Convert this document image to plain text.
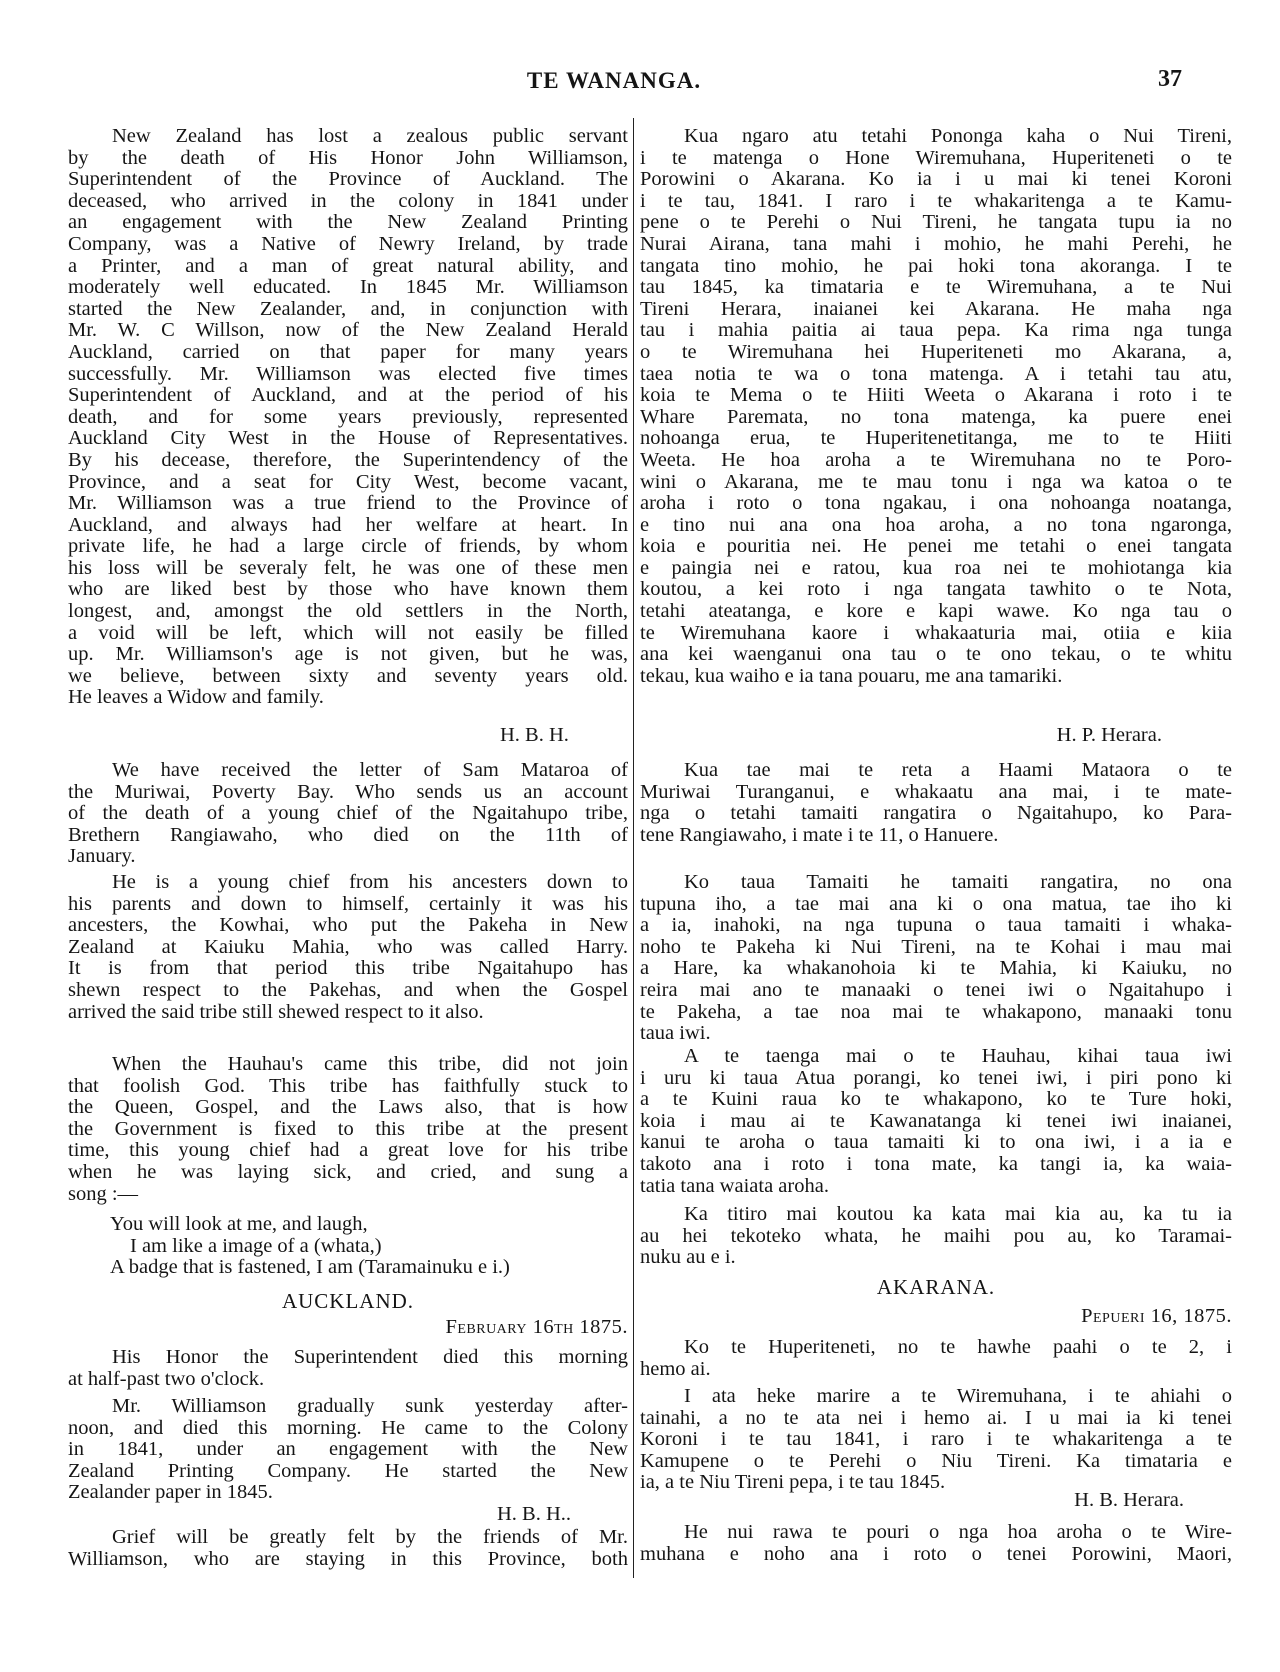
TE WANANGA.	37
New Zealand has lost a zealous public servant
by the death of His Honor John Williamson,
Superintendent of the Province of Auckland. The
deceased, who arrived in the colony in 1841 under
an engagement with the New Zealand Printing
Company, was a Native of Newry Ireland, by trade
a Printer, and a man of great natural ability, and
moderately well educated. In 1845 Mr. Williamson
started the New Zealander, and, in conjunction with
Mr. W. C Willson, now of the New Zealand Herald
Auckland, carried on that paper for many years
successfully. Mr. Williamson was elected five times
Superintendent of Auckland, and at the period of his
death, and for some years previously, represented
Auckland City West in the House of Representatives.
By his decease, therefore, the Superintendency of the
Province, and a seat for City West, become vacant,
Mr. Williamson was a true friend to the Province of
Auckland, and always had her welfare at heart. In
private life, he had a large circle of friends, by whom
his loss will be severaly felt, he was one of these men
who are liked best by those who have known them
longest, and, amongst the old settlers in the North,
a void will be left, which will not easily be filled
up. Mr. Williamson's age is not given, but he was,
we believe, between sixty and seventy years old.
He leaves a Widow and family.
H. B. H.
We have received the letter of Sam Mataroa of
the Muriwai, Poverty Bay. Who sends us an account
of the death of a young chief of the Ngaitahupo tribe,
Brethern Rangiawaho, who died on the 11th of
January.
He is a young chief from his ancesters down to
his parents and down to himself, certainly it was his
ancesters, the Kowhai, who put the Pakeha in New
Zealand at Kaiuku Mahia, who was called Harry.
It is from that period this tribe Ngaitahupo has
shewn respect to the Pakehas, and when the Gospel
arrived the said tribe still shewed respect to it also.
When the Hauhau's came this tribe, did not join
that foolish God. This tribe has faithfully stuck to
the Queen, Gospel, and the Laws also, that is how
the Government is fixed to this tribe at the present
time, this young chief had a great love for his tribe
when he was laying sick, and cried, and sung a
song :—
You will look at me, and laugh,
I am like a image of a (whata,)
A badge that is fastened, I am (Taramainuku e i.)
AUCKLAND.
February 16th 1875.
His Honor the Superintendent died this morning
at half-past two o'clock.
Mr. Williamson gradually sunk yesterday after-
noon, and died this morning. He came to the Colony
in 1841, under an engagement with the New
Zealand Printing Company. He started the New
Zealander paper in 1845.
H. B. H..
Grief will be greatly felt by the friends of Mr.
Williamson, who are staying in this Province, both
Kua ngaro atu tetahi Pononga kaha o Nui Tireni,
i te matenga o Hone Wiremuhana, Huperiteneti o te
Porowini o Akarana. Ko ia i u mai ki tenei Koroni
i te tau, 1841. I raro i te whakaritenga a te Kamu-
pene o te Perehi o Nui Tireni, he tangata tupu ia no
Nurai Airana, tana mahi i mohio, he mahi Perehi, he
tangata tino mohio, he pai hoki tona akoranga. I te
tau 1845, ka timataria e te Wiremuhana, a te Nui
Tireni Herara, inaianei kei Akarana. He maha nga
tau i mahia paitia ai taua pepa. Ka rima nga tunga
o te Wiremuhana hei Huperiteneti mo Akarana, a,
taea notia te wa o tona matenga. A i tetahi tau atu,
koia te Mema o te Hiiti Weeta o Akarana i roto i te
Whare Paremata, no tona matenga, ka puere enei
nohoanga erua, te Huperitenetitanga, me to te Hiiti
Weeta. He hoa aroha a te Wiremuhana no te Poro-
wini o Akarana, me te mau tonu i nga wa katoa o te
aroha i roto o tona ngakau, i ona nohoanga noatanga,
e tino nui ana ona hoa aroha, a no tona ngaronga,
koia e pouritia nei. He penei me tetahi o enei tangata
e paingia nei e ratou, kua roa nei te mohiotanga kia
koutou, a kei roto i nga tangata tawhito o te Nota,
tetahi ateatanga, e kore e kapi wawe. Ko nga tau o
te Wiremuhana kaore i whakaaturia mai, otiia e kiia
ana kei waenganui ona tau o te ono tekau, o te whitu
tekau, kua waiho e ia tana pouaru, me ana tamariki.
H. P. Herara.
Kua tae mai te reta a Haami Mataora o te
Muriwai Turanganui, e whakaatu ana mai, i te mate-
nga o tetahi tamaiti rangatira o Ngaitahupo, ko Para-
tene Rangiawaho, i mate i te 11, o Hanuere.
Ko taua Tamaiti he tamaiti rangatira, no ona
tupuna iho, a tae mai ana ki o ona matua, tae iho ki
a ia, inahoki, na nga tupuna o taua tamaiti i whaka-
noho te Pakeha ki Nui Tireni, na te Kohai i mau mai
a Hare, ka whakanohoia ki te Mahia, ki Kaiuku, no
reira mai ano te manaaki o tenei iwi o Ngaitahupo i
te Pakeha, a tae noa mai te whakapono, manaaki tonu
taua iwi.
A te taenga mai o te Hauhau, kihai taua iwi
i uru ki taua Atua porangi, ko tenei iwi, i piri pono ki
a te Kuini raua ko te whakapono, ko te Ture hoki,
koia i mau ai te Kawanatanga ki tenei iwi inaianei,
kanui te aroha o taua tamaiti ki to ona iwi, i a ia e
takoto ana i roto i tona mate, ka tangi ia, ka waia-
tatia tana waiata aroha.
Ka titiro mai koutou ka kata mai kia au, ka tu ia
au hei tekoteko whata, he maihi pou au, ko Taramai-
nuku au e i.
AKARANA.
Pepueri 16, 1875.
Ko te Huperiteneti, no te hawhe paahi o te 2, i
hemo ai.
I ata heke marire a te Wiremuhana, i te ahiahi o
tainahi, a no te ata nei i hemo ai. I u mai ia ki tenei
Koroni i te tau 1841, i raro i te whakaritenga a te
Kamupene o te Perehi o Niu Tireni. Ka timataria e
ia, a te Niu Tireni pepa, i te tau 1845.
H. B. Herara.
He nui rawa te pouri o nga hoa aroha o te Wire-
muhana e noho ana i roto o tenei Porowini, Maori,
